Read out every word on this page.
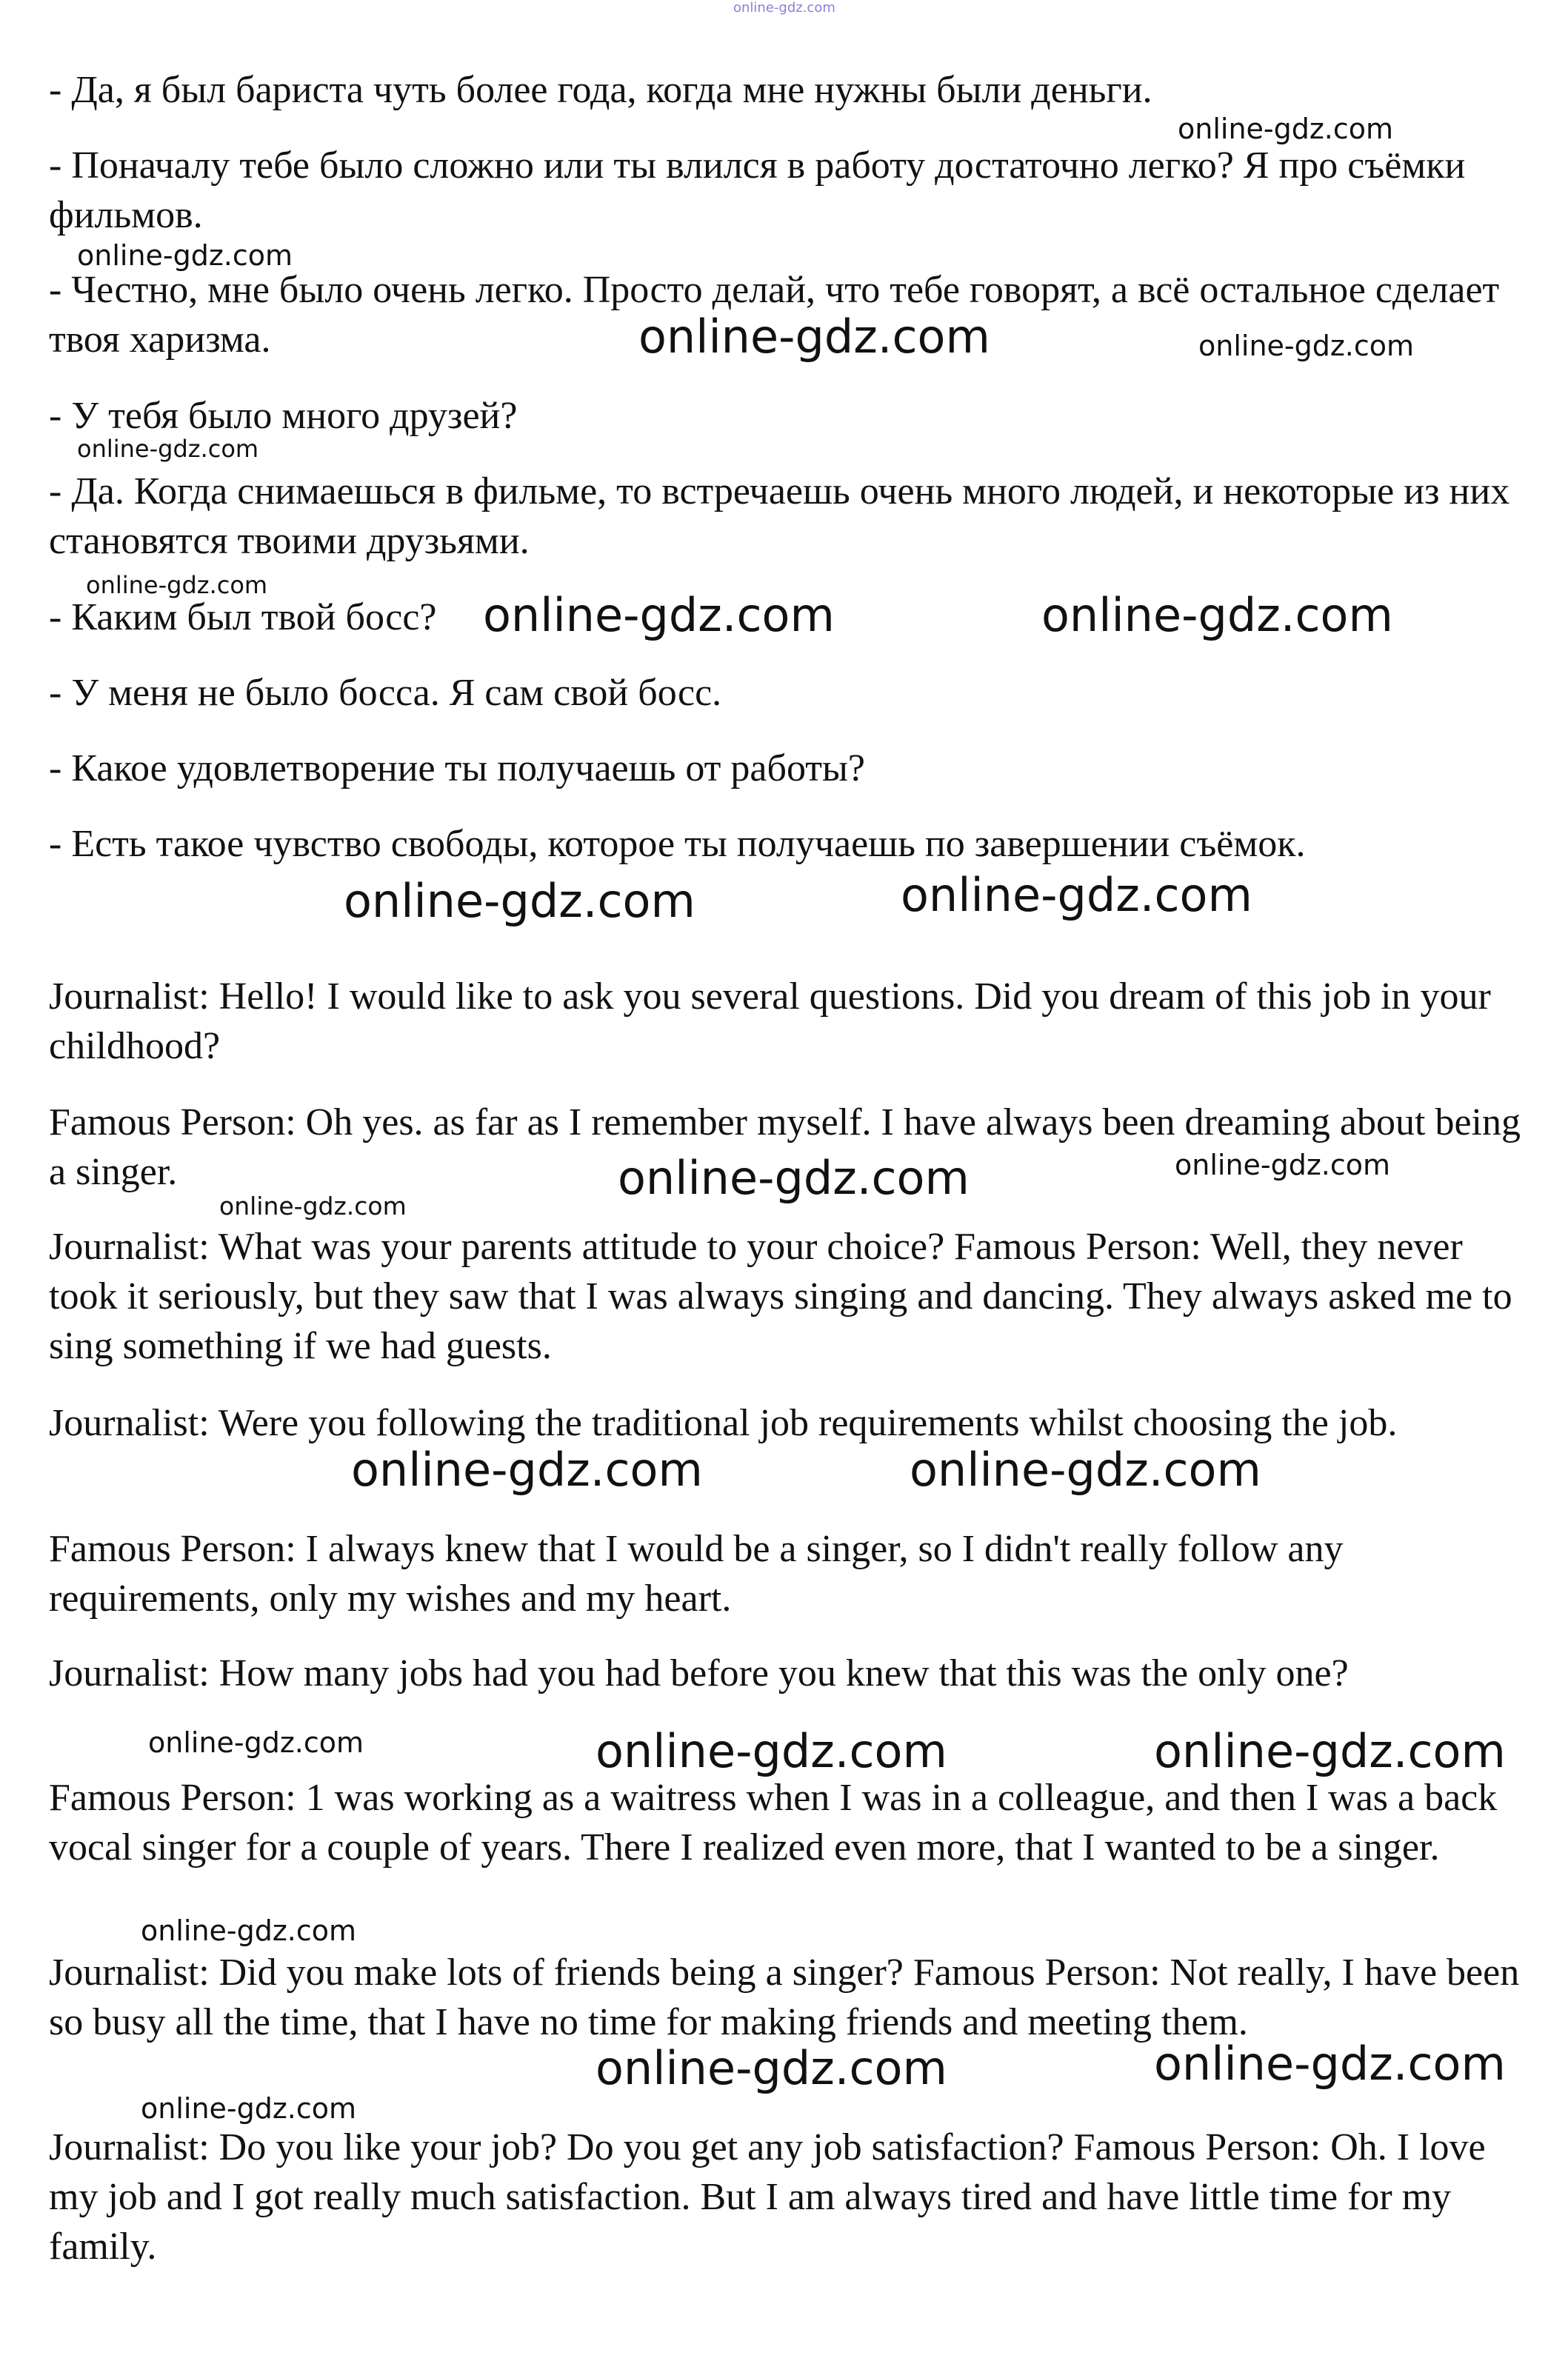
online-gdz.com

- Да, я был бариста чуть более года, когда мне нужны были деньги.

- Поначалу тебе было сложно или ты влился в работу достаточно легко? Я про съёмки фильмов.

- Честно, мне было очень легко. Просто делай, что тебе говорят, а всё остальное сделает твоя харизма.

- У тебя было много друзей?

- Да. Когда снимаешься в фильме, то встречаешь очень много людей, и некоторые из них становятся твоими друзьями.

- Каким был твой босс?

- У меня не было босса. Я сам свой босс.

- Какое удовлетворение ты получаешь от работы?

- Есть такое чувство свободы, которое ты получаешь по завершении съёмок.

Journalist: Hello! I would like to ask you several questions. Did you dream of this job in your childhood?

Famous Person: Oh yes. as far as I remember myself. I have always been dreaming about being a singer.

Journalist: What was your parents attitude to your choice? Famous Person: Well, they never took it seriously, but they saw that I was always singing and dancing. They always asked me to sing something if we had guests.

Journalist: Were you following the traditional job requirements whilst choosing the job.

Famous Person: I always knew that I would be a singer, so I didn't really follow any requirements, only my wishes and my heart.

Journalist: How many jobs had you had before you knew that this was the only one?

Famous Person: 1 was working as a waitress when I was in a colleague, and then I was a back vocal singer for a couple of years. There I realized even more, that I wanted to be a singer.

Journalist: Did you make lots of friends being a singer? Famous Person: Not really, I have been so busy all the time, that I have no time for making friends and meeting them.

Journalist: Do you like your job? Do you get any job satisfaction? Famous Person: Oh. I love my job and I got really much satisfaction. But I am always tired and have little time for my family.

online-gdz.com
online-gdz.com
online-gdz.com	online-gdz.com
online-gdz.com
online-gdz.com
online-gdz.com	online-gdz.com
online-gdz.com	online-gdz.com
online-gdz.com	online-gdz.com
online-gdz.com
online-gdz.com	online-gdz.com
online-gdz.com	online-gdz.com	online-gdz.com
online-gdz.com
online-gdz.com	online-gdz.com
online-gdz.com
